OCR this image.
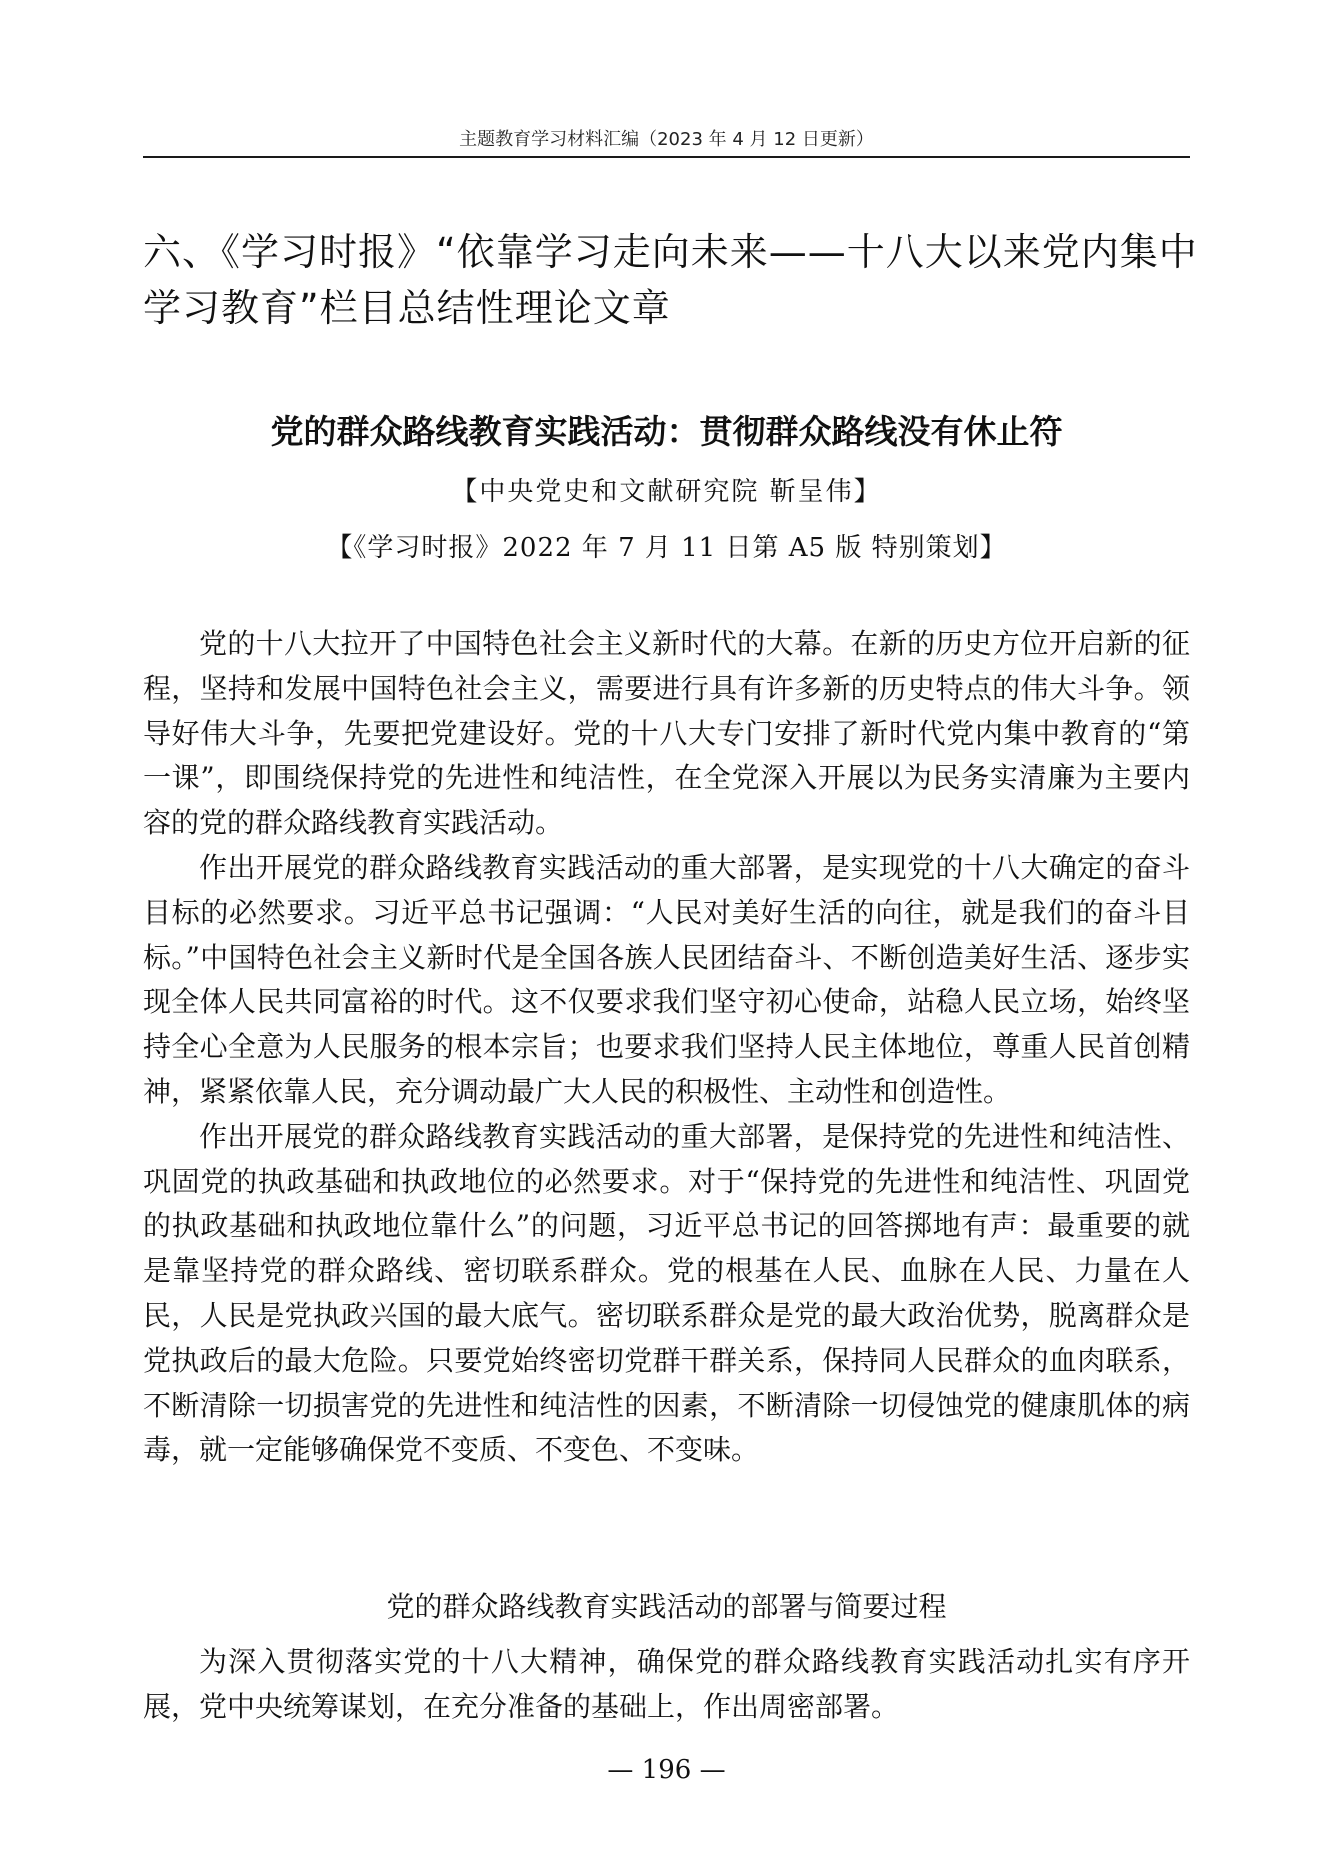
主题教育学习材料汇编（2023 年 4 月 12 日更新）
六、《学习时报》“依靠学习走向未来——十八大以来党内集中学习教育”栏目总结性理论文章
党的群众路线教育实践活动：贯彻群众路线没有休止符
【中央党史和文献研究院 靳呈伟】
【《学习时报》2022 年 7 月 11 日第 A5 版 特别策划】

党的十八大拉开了中国特色社会主义新时代的大幕。在新的历史方位开启新的征程，坚持和发展中国特色社会主义，需要进行具有许多新的历史特点的伟大斗争。领导好伟大斗争，先要把党建设好。党的十八大专门安排了新时代党内集中教育的“第一课”，即围绕保持党的先进性和纯洁性，在全党深入开展以为民务实清廉为主要内容的党的群众路线教育实践活动。

作出开展党的群众路线教育实践活动的重大部署，是实现党的十八大确定的奋斗目标的必然要求。习近平总书记强调：“人民对美好生活的向往，就是我们的奋斗目标。”中国特色社会主义新时代是全国各族人民团结奋斗、不断创造美好生活、逐步实现全体人民共同富裕的时代。这不仅要求我们坚守初心使命，站稳人民立场，始终坚持全心全意为人民服务的根本宗旨；也要求我们坚持人民主体地位，尊重人民首创精神，紧紧依靠人民，充分调动最广大人民的积极性、主动性和创造性。

作出开展党的群众路线教育实践活动的重大部署，是保持党的先进性和纯洁性、巩固党的执政基础和执政地位的必然要求。对于“保持党的先进性和纯洁性、巩固党的执政基础和执政地位靠什么”的问题，习近平总书记的回答掷地有声：最重要的就是靠坚持党的群众路线、密切联系群众。党的根基在人民、血脉在人民、力量在人民，人民是党执政兴国的最大底气。密切联系群众是党的最大政治优势，脱离群众是党执政后的最大危险。只要党始终密切党群干群关系，保持同人民群众的血肉联系，不断清除一切损害党的先进性和纯洁性的因素，不断清除一切侵蚀党的健康肌体的病毒，就一定能够确保党不变质、不变色、不变味。

党的群众路线教育实践活动的部署与简要过程

为深入贯彻落实党的十八大精神，确保党的群众路线教育实践活动扎实有序开展，党中央统筹谋划，在充分准备的基础上，作出周密部署。

— 196 —
